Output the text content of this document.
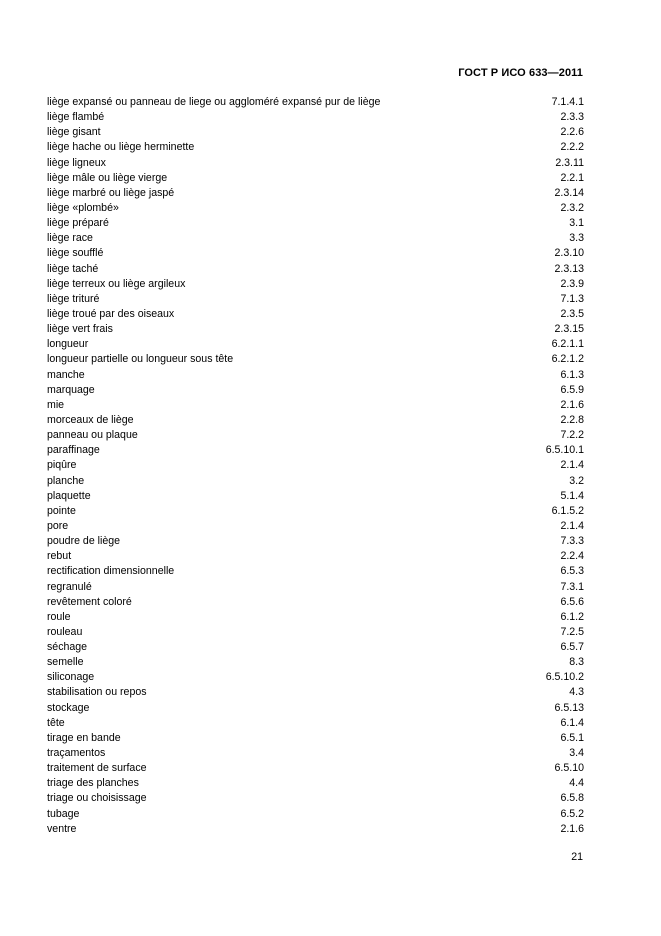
ГОСТ Р ИСО 633—2011
liège expansé ou panneau de liege ou aggloméré expansé pur de liège	7.1.4.1
liège flambé	2.3.3
liège gisant	2.2.6
liège hache ou liège herminette	2.2.2
liège ligneux	2.3.11
liège mâle ou liège vierge	2.2.1
liège marbré ou liège jaspé	2.3.14
liège «plombé»	2.3.2
liège préparé	3.1
liège race	3.3
liège soufflé	2.3.10
liège taché	2.3.13
liège terreux ou liège argileux	2.3.9
liège trituré	7.1.3
liège troué par des oiseaux	2.3.5
liège vert frais	2.3.15
longueur	6.2.1.1
longueur partielle ou longueur sous tête	6.2.1.2
manche	6.1.3
marquage	6.5.9
mie	2.1.6
morceaux de liège	2.2.8
panneau ou plaque	7.2.2
paraffinage	6.5.10.1
piqûre	2.1.4
planche	3.2
plaquette	5.1.4
pointe	6.1.5.2
pore	2.1.4
poudre de liège	7.3.3
rebut	2.2.4
rectification dimensionnelle	6.5.3
regranulé	7.3.1
revêtement coloré	6.5.6
roule	6.1.2
rouleau	7.2.5
séchage	6.5.7
semelle	8.3
siliconage	6.5.10.2
stabilisation ou repos	4.3
stockage	6.5.13
tête	6.1.4
tirage en bande	6.5.1
traçamentos	3.4
traitement de surface	6.5.10
triage des planches	4.4
triage ou choisissage	6.5.8
tubage	6.5.2
ventre	2.1.6
21
